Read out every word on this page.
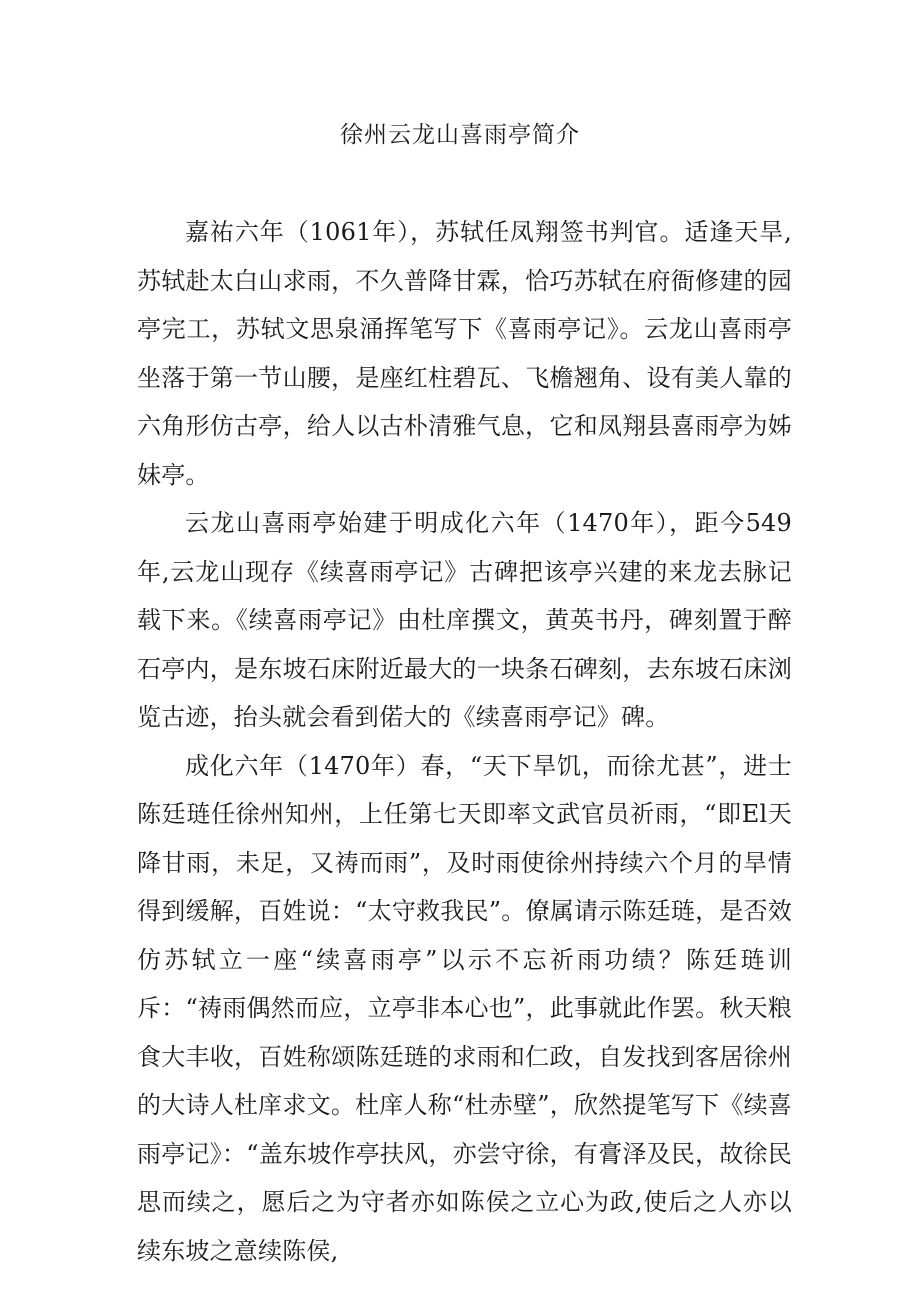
徐州云龙山喜雨亭简介

嘉祐六年（1061年），苏轼任凤翔签书判官。适逢天旱,苏轼赴太白山求雨，不久普降甘霖，恰巧苏轼在府衙修建的园亭完工，苏轼文思泉涌挥笔写下《喜雨亭记》。云龙山喜雨亭坐落于第一节山腰，是座红柱碧瓦、飞檐翘角、设有美人靠的六角形仿古亭，给人以古朴清雅气息，它和凤翔县喜雨亭为姊妹亭。

云龙山喜雨亭始建于明成化六年（1470年），距今549年,云龙山现存《续喜雨亭记》古碑把该亭兴建的来龙去脉记载下来。《续喜雨亭记》由杜庠撰文，黄英书丹，碑刻置于醉石亭内，是东坡石床附近最大的一块条石碑刻，去东坡石床浏览古迹，抬头就会看到偌大的《续喜雨亭记》碑。

成化六年（1470年）春，“天下旱饥，而徐尤甚”，进士陈廷琏任徐州知州，上任第七天即率文武官员祈雨，“即El天降甘雨，未足，又祷而雨”，及时雨使徐州持续六个月的旱情得到缓解，百姓说：“太守救我民”。僚属请示陈廷琏，是否效仿苏轼立一座“续喜雨亭”以示不忘祈雨功绩？陈廷琏训斥：“祷雨偶然而应，立亭非本心也”，此事就此作罢。秋天粮食大丰收，百姓称颂陈廷琏的求雨和仁政，自发找到客居徐州的大诗人杜庠求文。杜庠人称“杜赤壁”，欣然提笔写下《续喜雨亭记》：“盖东坡作亭扶风，亦尝守徐，有膏泽及民，故徐民思而续之，愿后之为守者亦如陈侯之立心为政,使后之人亦以续东坡之意续陈侯,
